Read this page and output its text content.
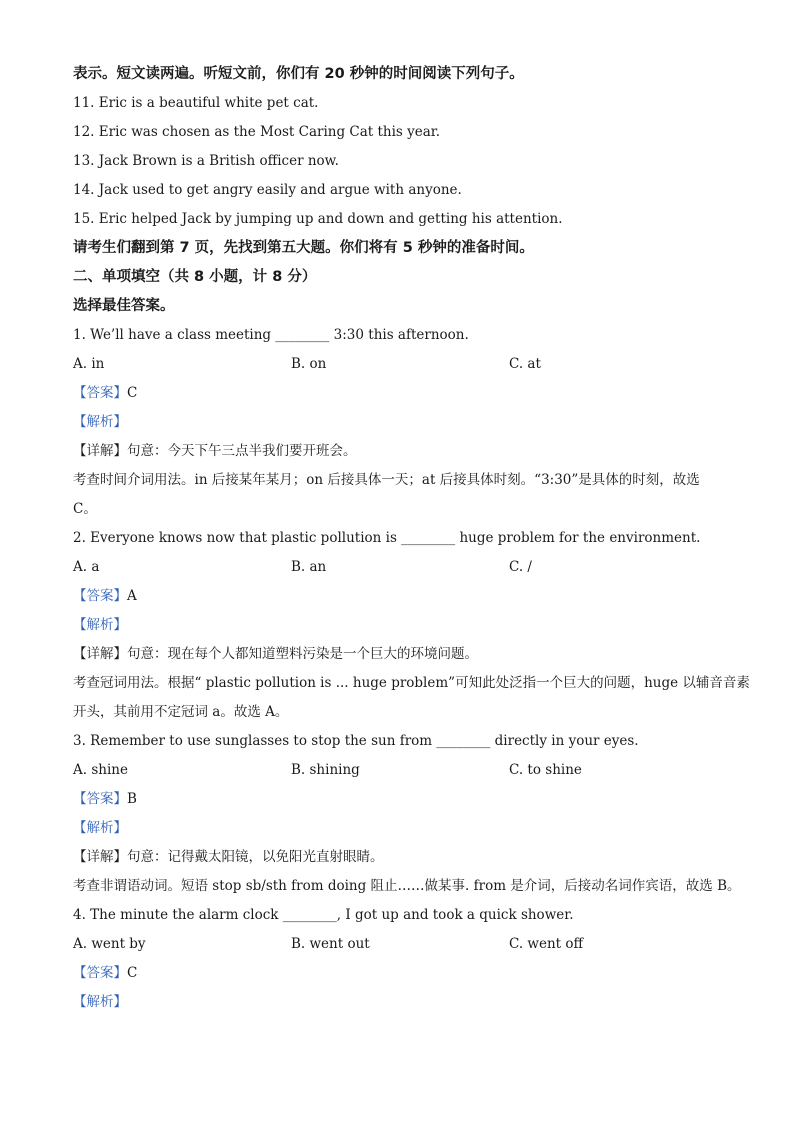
表示。短文读两遍。听短文前，你们有 20 秒钟的时间阅读下列句子。
11. Eric is a beautiful white pet cat.
12. Eric was chosen as the Most Caring Cat this year.
13. Jack Brown is a British officer now.
14. Jack used to get angry easily and argue with anyone.
15. Eric helped Jack by jumping up and down and getting his attention.
请考生们翻到第 7 页，先找到第五大题。你们将有 5 秒钟的准备时间。
二、单项填空（共 8 小题，计 8 分）
选择最佳答案。
1. We’ll have a class meeting ________ 3:30 this afternoon.
A. in	B. on	C. at
【答案】C
【解析】
【详解】句意：今天下午三点半我们要开班会。
考查时间介词用法。in 后接某年某月；on 后接具体一天；at 后接具体时刻。“3:30”是具体的时刻，故选
C。
2. Everyone knows now that plastic pollution is ________ huge problem for the environment.
A. a	B. an	C. /
【答案】A
【解析】
【详解】句意：现在每个人都知道塑料污染是一个巨大的环境问题。
考查冠词用法。根据“ plastic pollution is ... huge problem”可知此处泛指一个巨大的问题，huge 以辅音音素
开头，其前用不定冠词 a。故选 A。
3. Remember to use sunglasses to stop the sun from ________ directly in your eyes.
A. shine	B. shining	C. to shine
【答案】B
【解析】
【详解】句意：记得戴太阳镜，以免阳光直射眼睛。
考查非谓语动词。短语 stop sb/sth from doing 阻止……做某事. from 是介词，后接动名词作宾语，故选 B。
4. The minute the alarm clock ________, I got up and took a quick shower.
A. went by	B. went out	C. went off
【答案】C
【解析】
